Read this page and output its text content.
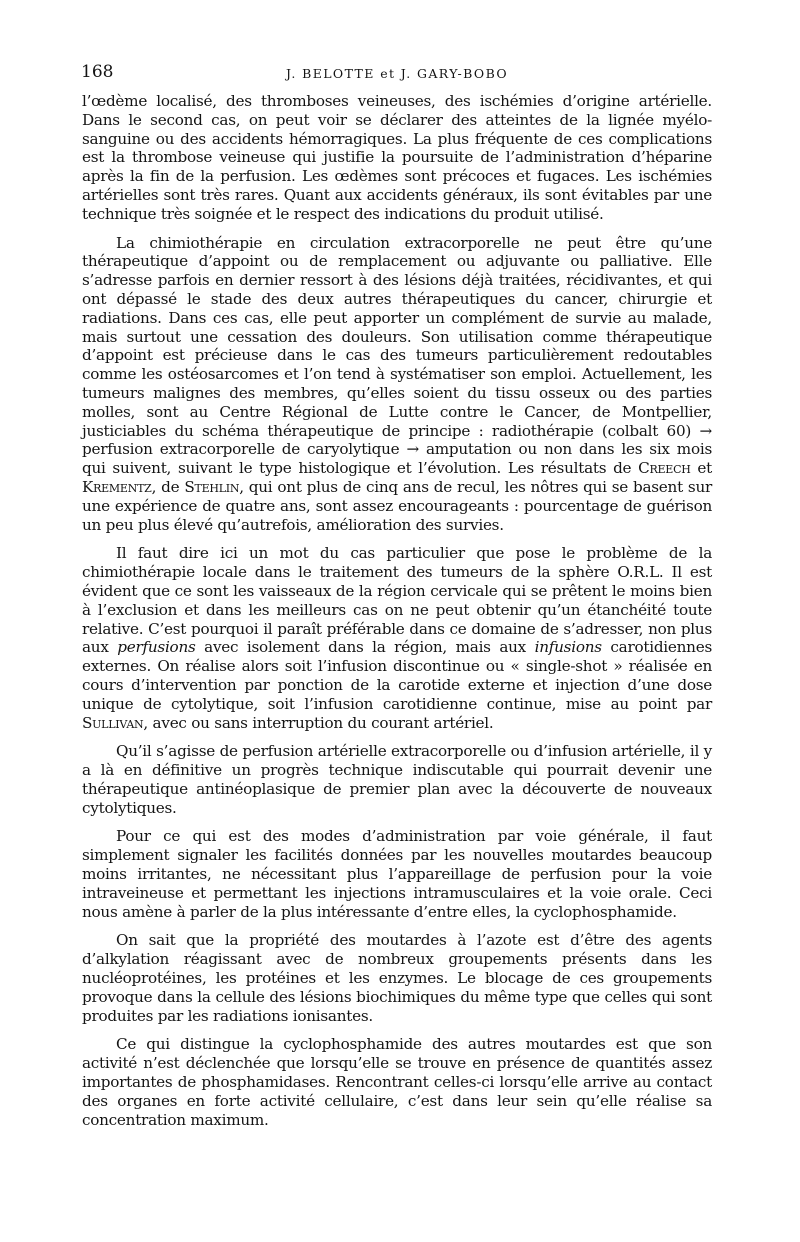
168	J. BELOTTE et J. GARY-BOBO

l’œdème localisé, des thromboses veineuses, des ischémies d’origine artérielle. Dans le second cas, on peut voir se déclarer des atteintes de la lignée myélo-sanguine ou des accidents hémorragiques. La plus fréquente de ces complications est la thrombose veineuse qui justifie la poursuite de l’administration d’héparine après la fin de la perfusion. Les œdèmes sont précoces et fugaces. Les ischémies artérielles sont très rares. Quant aux accidents généraux, ils sont évitables par une technique très soignée et le respect des indications du produit utilisé.

La chimiothérapie en circulation extracorporelle ne peut être qu’une thérapeutique d’appoint ou de remplacement ou adjuvante ou palliative. Elle s’adresse parfois en dernier ressort à des lésions déjà traitées, récidivantes, et qui ont dépassé le stade des deux autres thérapeutiques du cancer, chirurgie et radiations. Dans ces cas, elle peut apporter un complément de survie au malade, mais surtout une cessation des douleurs. Son utilisation comme thérapeutique d’appoint est précieuse dans le cas des tumeurs particulièrement redoutables comme les ostéosarcomes et l’on tend à systématiser son emploi. Actuellement, les tumeurs malignes des membres, qu’elles soient du tissu osseux ou des parties molles, sont au Centre Régional de Lutte contre le Cancer, de Montpellier, justiciables du schéma thérapeutique de principe : radiothérapie (colbalt 60) → perfusion extracorporelle de caryolytique → amputation ou non dans les six mois qui suivent, suivant le type histologique et l’évolution. Les résultats de Creech et Krementz, de Stehlin, qui ont plus de cinq ans de recul, les nôtres qui se basent sur une expérience de quatre ans, sont assez encourageants : pourcentage de guérison un peu plus élevé qu’autrefois, amélioration des survies.

Il faut dire ici un mot du cas particulier que pose le problème de la chimiothérapie locale dans le traitement des tumeurs de la sphère O.R.L. Il est évident que ce sont les vaisseaux de la région cervicale qui se prêtent le moins bien à l’exclusion et dans les meilleurs cas on ne peut obtenir qu’un étanchéité toute relative. C’est pourquoi il paraît préférable dans ce domaine de s’adresser, non plus aux perfusions avec isolement dans la région, mais aux infusions carotidiennes externes. On réalise alors soit l’infusion discontinue ou « single-shot » réalisée en cours d’intervention par ponction de la carotide externe et injection d’une dose unique de cytolytique, soit l’infusion carotidienne continue, mise au point par Sullivan, avec ou sans interruption du courant artériel.

Qu’il s’agisse de perfusion artérielle extracorporelle ou d’infusion artérielle, il y a là en définitive un progrès technique indiscutable qui pourrait devenir une thérapeutique antinéoplasique de premier plan avec la découverte de nouveaux cytolytiques.

Pour ce qui est des modes d’administration par voie générale, il faut simplement signaler les facilités données par les nouvelles moutardes beaucoup moins irritantes, ne nécessitant plus l’appareillage de perfusion pour la voie intraveineuse et permettant les injections intramusculaires et la voie orale. Ceci nous amène à parler de la plus intéressante d’entre elles, la cyclophosphamide.

On sait que la propriété des moutardes à l’azote est d’être des agents d’alkylation réagissant avec de nombreux groupements présents dans les nucléoprotéines, les protéines et les enzymes. Le blocage de ces groupements provoque dans la cellule des lésions biochimiques du même type que celles qui sont produites par les radiations ionisantes.

Ce qui distingue la cyclophosphamide des autres moutardes est que son activité n’est déclenchée que lorsqu’elle se trouve en présence de quantités assez importantes de phosphamidases. Rencontrant celles-ci lorsqu’elle arrive au contact des organes en forte activité cellulaire, c’est dans leur sein qu’elle réalise sa concentration maximum.
